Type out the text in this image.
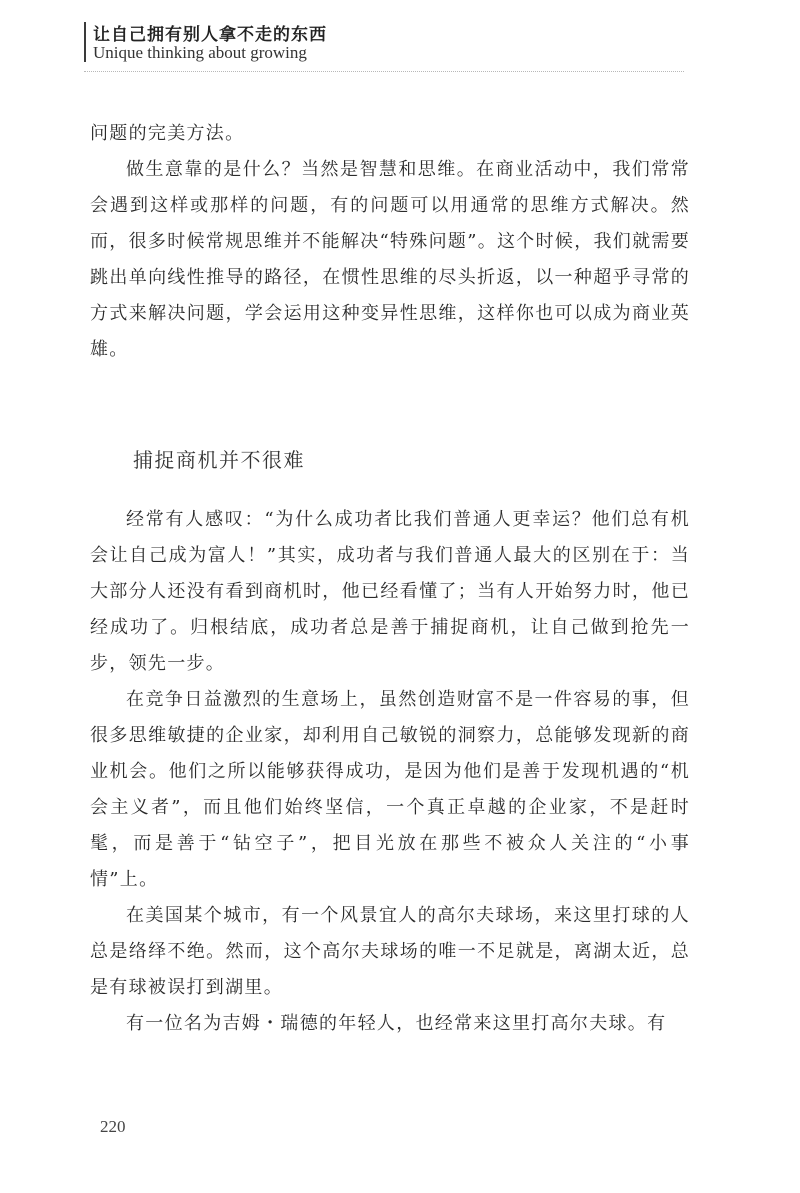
让自己拥有别人拿不走的东西
Unique thinking about growing

问题的完美方法。

做生意靠的是什么？当然是智慧和思维。在商业活动中，我们常常会遇到这样或那样的问题，有的问题可以用通常的思维方式解决。然而，很多时候常规思维并不能解决“特殊问题”。这个时候，我们就需要跳出单向线性推导的路径，在惯性思维的尽头折返，以一种超乎寻常的方式来解决问题，学会运用这种变异性思维，这样你也可以成为商业英雄。

捕捉商机并不很难

经常有人感叹：“为什么成功者比我们普通人更幸运？他们总有机会让自己成为富人！”其实，成功者与我们普通人最大的区别在于：当大部分人还没有看到商机时，他已经看懂了；当有人开始努力时，他已经成功了。归根结底，成功者总是善于捕捉商机，让自己做到抢先一步，领先一步。

在竞争日益激烈的生意场上，虽然创造财富不是一件容易的事，但很多思维敏捷的企业家，却利用自己敏锐的洞察力，总能够发现新的商业机会。他们之所以能够获得成功，是因为他们是善于发现机遇的“机会主义者”，而且他们始终坚信，一个真正卓越的企业家，不是赶时髦，而是善于“钻空子”，把目光放在那些不被众人关注的“小事情”上。

在美国某个城市，有一个风景宜人的高尔夫球场，来这里打球的人总是络绎不绝。然而，这个高尔夫球场的唯一不足就是，离湖太近，总是有球被误打到湖里。

有一位名为吉姆・瑞德的年轻人，也经常来这里打高尔夫球。有

220
